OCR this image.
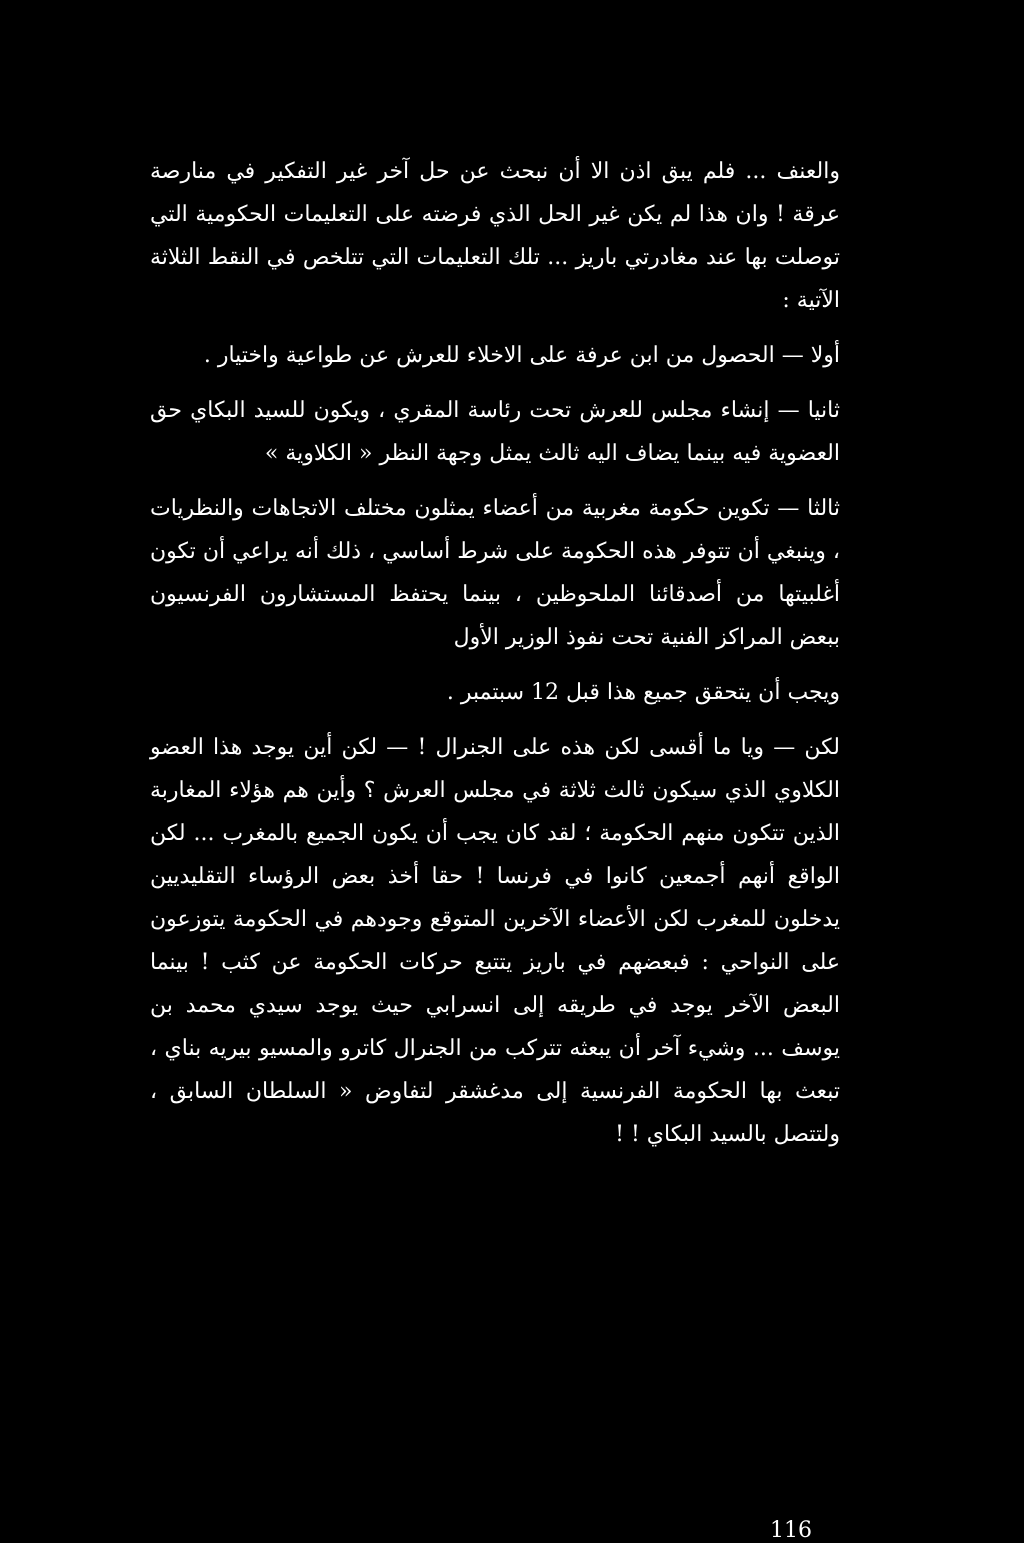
والعنف ... فلم يبق اذن الا أن نبحث عن حل آخر غير التفكير في منارصة عرقة ! وان هذا لم يكن غير الحل الذي فرضته على التعليمات الحكومية التي توصلت بها عند مغادرتي باريز ... تلك التعليمات التي تتلخص في النقط الثلاثة الآتية :

أولا — الحصول من ابن عرفة على الاخلاء للعرش عن طواعية واختيار .

ثانيا — إنشاء مجلس للعرش تحت رئاسة المقري ، ويكون للسيد البكاي حق العضوية فيه بينما يضاف اليه ثالث يمثل وجهة النظر « الكلاوية »

ثالثا — تكوين حكومة مغربية من أعضاء يمثلون مختلف الاتجاهات والنظريات ، وينبغي أن تتوفر هذه الحكومة على شرط أساسي ، ذلك أنه يراعي أن تكون أغلبيتها من أصدقائنا الملحوظين ، بينما يحتفظ المستشارون الفرنسيون ببعض المراكز الفنية تحت نفوذ الوزير الأول

ويجب أن يتحقق جميع هذا قبل 12 سبتمبر .

لكن — ويا ما أقسى لكن هذه على الجنرال ! — لكن أين يوجد هذا العضو الكلاوي الذي سيكون ثالث ثلاثة في مجلس العرش ؟ وأين هم هؤلاء المغاربة الذين تتكون منهم الحكومة ؛ لقد كان يجب أن يكون الجميع بالمغرب ... لكن الواقع أنهم أجمعين كانوا في فرنسا ! حقا أخذ بعض الرؤساء التقليديين يدخلون للمغرب لكن الأعضاء الآخرين المتوقع وجودهم في الحكومة يتوزعون على النواحي : فبعضهم في باريز يتتبع حركات الحكومة عن كثب ! بينما البعض الآخر يوجد في طريقه إلى انسرابي حيث يوجد سيدي محمد بن يوسف ... وشيء آخر أن يبعثه تتركب من الجنرال كاترو والمسيو بيريه بناي ، تبعث بها الحكومة الفرنسية إلى مدغشقر لتفاوض « السلطان السابق ، ولتتصل بالسيد البكاي ! !

116
